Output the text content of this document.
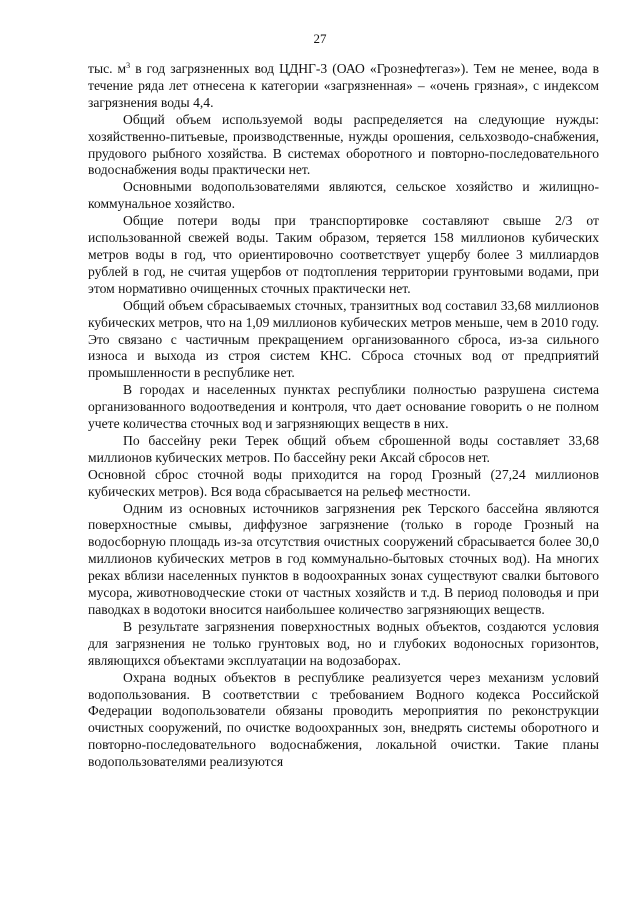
27

тыс. $м^3$ в год загрязненных вод ЦДНГ-3 (ОАО «Грознефтегаз»). Тем не менее, вода в течение ряда лет отнесена к категории «загрязненная» – «очень грязная», с индексом загрязнения воды 4,4.

Общий объем используемой воды распределяется на следующие нужды: хозяйственно-питьевые, производственные, нужды орошения, сельхозводо-снабжения, прудового рыбного хозяйства. В системах оборотного и повторно-последовательного водоснабжения воды практически нет.

Основными водопользователями являются, сельское хозяйство и жилищно-коммунальное хозяйство.

Общие потери воды при транспортировке составляют свыше 2/3 от использованной свежей воды. Таким образом, теряется 158 миллионов кубических метров воды в год, что ориентировочно соответствует ущербу более 3 миллиардов рублей в год, не считая ущербов от подтопления территории грунтовыми водами, при этом нормативно очищенных сточных практически нет.

Общий объем сбрасываемых сточных, транзитных вод составил 33,68 миллионов кубических метров, что на 1,09 миллионов кубических метров меньше, чем в 2010 году. Это связано с частичным прекращением организованного сброса, из-за сильного износа и выхода из строя систем КНС. Сброса сточных вод от предприятий промышленности в республике нет.

В городах и населенных пунктах республики полностью разрушена система организованного водоотведения и контроля, что дает основание говорить о не полном учете количества сточных вод и загрязняющих веществ в них.

По бассейну реки Терек общий объем сброшенной воды составляет 33,68 миллионов кубических метров. По бассейну реки Аксай сбросов нет.

Основной сброс сточной воды приходится на город Грозный (27,24 миллионов кубических метров). Вся вода сбрасывается на рельеф местности.

Одним из основных источников загрязнения рек Терского бассейна являются поверхностные смывы, диффузное загрязнение (только в городе Грозный на водосборную площадь из-за отсутствия очистных сооружений сбрасывается более 30,0 миллионов кубических метров в год коммунально-бытовых сточных вод). На многих реках вблизи населенных пунктов в водоохранных зонах существуют свалки бытового мусора, животноводческие стоки от частных хозяйств и т.д. В период половодья и при паводках в водотоки вносится наибольшее количество загрязняющих веществ.

В результате загрязнения поверхностных водных объектов, создаются условия для загрязнения не только грунтовых вод, но и глубоких водоносных горизонтов, являющихся объектами эксплуатации на водозаборах.

Охрана водных объектов в республике реализуется через механизм условий водопользования. В соответствии с требованием Водного кодекса Российской Федерации водопользователи обязаны проводить мероприятия по реконструкции очистных сооружений, по очистке водоохранных зон, внедрять системы оборотного и повторно-последовательного водоснабжения, локальной очистки. Такие планы водопользователями реализуются
